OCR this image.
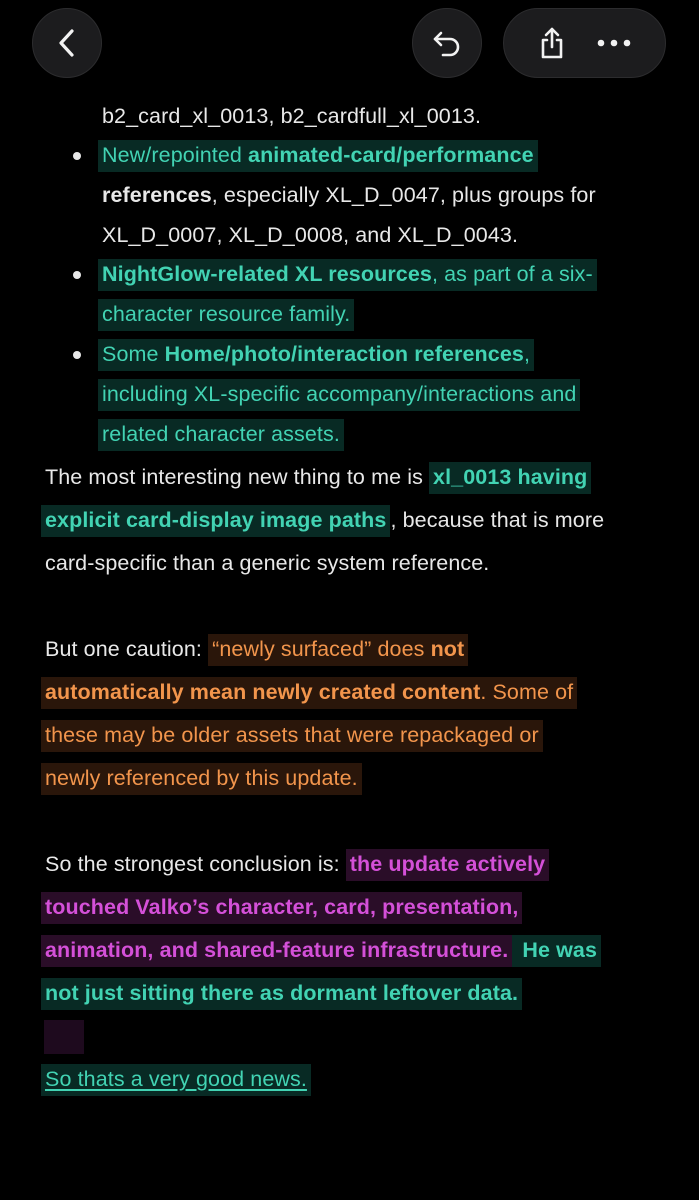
b2_card_xl_0013, b2_cardfull_xl_0013.
New/repointed animated-card/performance
references, especially XL_D_0047, plus groups for
XL_D_0007, XL_D_0008, and XL_D_0043.
NightGlow-related XL resources, as part of a six-
character resource family.
Some Home/photo/interaction references,
including XL-specific accompany/interactions and
related character assets.
The most interesting new thing to me is xl_0013 having
explicit card-display image paths , because that is more
card-specific than a generic system reference.
But one caution: “newly surfaced” does not
automatically mean newly created content. Some of
these may be older assets that were repackaged or
newly referenced by this update.
So the strongest conclusion is: the update actively
touched Valko’s character, card, presentation,
animation, and shared-feature infrastructure. He was
not just sitting there as dormant leftover data.
So thats a very good news.
